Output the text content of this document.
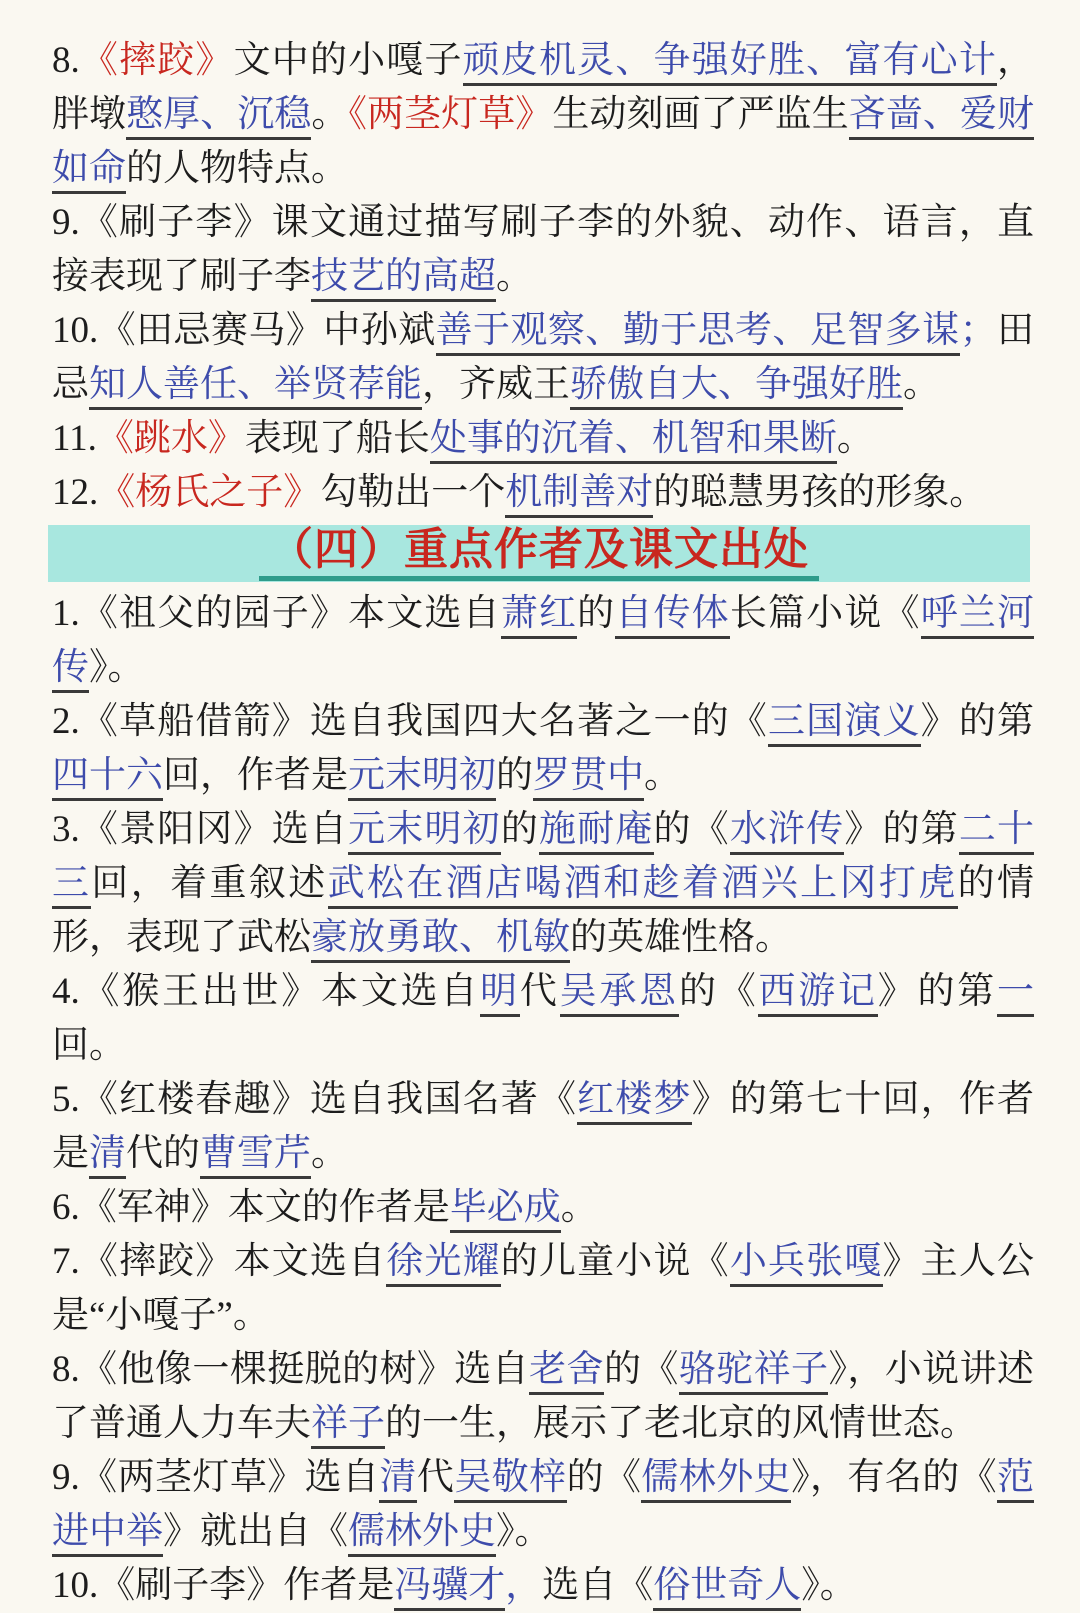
8.《摔跤》文中的小嘎子顽皮机灵、争强好胜、富有心计，胖墩憨厚、沉稳。《两茎灯草》生动刻画了严监生吝啬、爱财如命的人物特点。

9.《刷子李》课文通过描写刷子李的外貌、动作、语言，直接表现了刷子李技艺的高超。

10.《田忌赛马》中孙斌善于观察、勤于思考、足智多谋；田忌知人善任、举贤荐能，齐威王骄傲自大、争强好胜。

11.《跳水》表现了船长处事的沉着、机智和果断。

12.《杨氏之子》勾勒出一个机制善对的聪慧男孩的形象。

（四）重点作者及课文出处

1.《祖父的园子》本文选自萧红的自传体长篇小说《呼兰河传》。

2.《草船借箭》选自我国四大名著之一的《三国演义》的第四十六回，作者是元末明初的罗贯中。

3.《景阳冈》选自元末明初的施耐庵的《水浒传》的第二十三回，着重叙述武松在酒店喝酒和趁着酒兴上冈打虎的情形，表现了武松豪放勇敢、机敏的英雄性格。

4.《猴王出世》本文选自明代吴承恩的《西游记》的第一回。

5.《红楼春趣》选自我国名著《红楼梦》的第七十回，作者是清代的曹雪芹。

6.《军神》本文的作者是毕必成。

7.《摔跤》本文选自徐光耀的儿童小说《小兵张嘎》主人公是“小嘎子”。

8.《他像一棵挺脱的树》选自老舍的《骆驼祥子》，小说讲述了普通人力车夫祥子的一生，展示了老北京的风情世态。

9.《两茎灯草》选自清代吴敬梓的《儒林外史》，有名的《范进中举》就出自《儒林外史》。

10.《刷子李》作者是冯骥才，选自《俗世奇人》。
